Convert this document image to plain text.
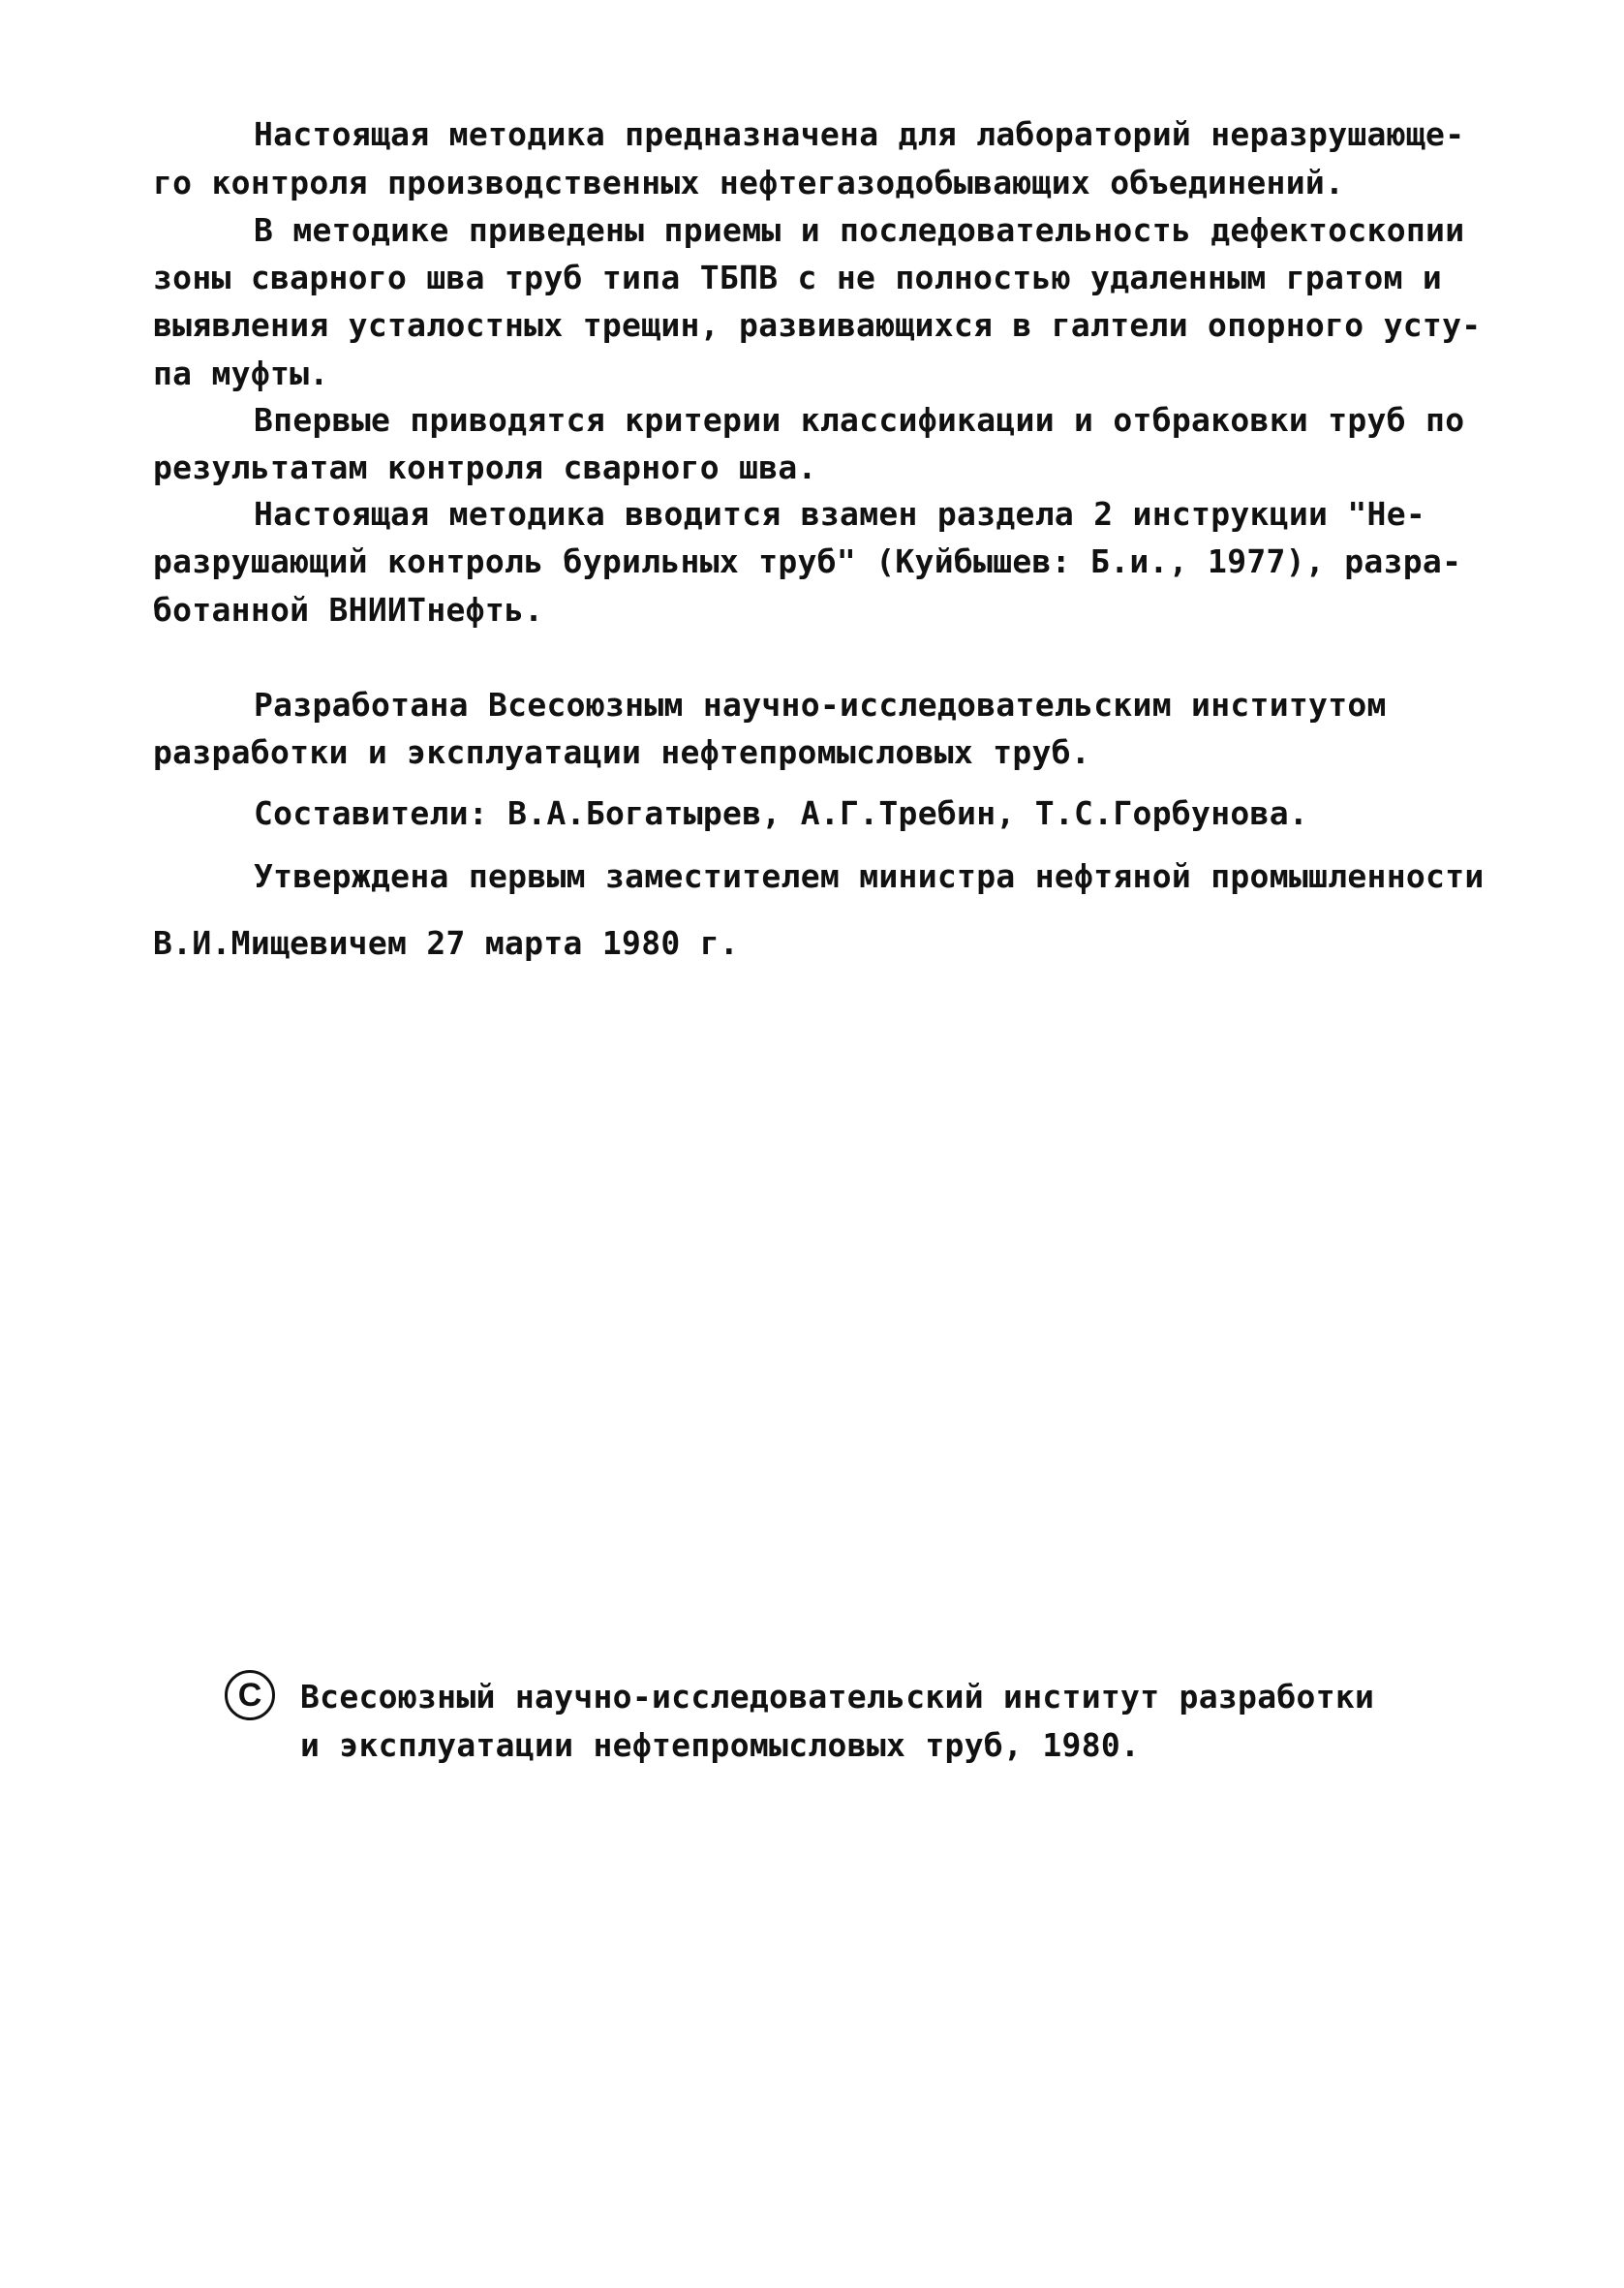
Настоящая методика предназначена для лабораторий неразрушающе-
го контроля производственных нефтегазодобывающих объединений.
В методике приведены приемы и последовательность дефектоскопии
зоны сварного шва труб типа ТБПВ с не полностью удаленным гратом и
выявления усталостных трещин, развивающихся в галтели опорного усту-
па муфты.
Впервые приводятся критерии классификации и отбраковки труб по
результатам контроля сварного шва.
Настоящая методика вводится взамен раздела 2 инструкции "Не-
разрушающий контроль бурильных труб" (Куйбышев: Б.и., 1977), разра-
ботанной ВНИИТнефть.
Разработана Всесоюзным научно-исследовательским институтом
разработки и эксплуатации нефтепромысловых труб.
Составители: В.А.Богатырев, А.Г.Требин, Т.С.Горбунова.
Утверждена первым заместителем министра нефтяной промышленности
В.И.Мищевичем 27 марта 1980 г.
C	Всесоюзный научно-исследовательский институт разработки
и эксплуатации нефтепромысловых труб, 1980.
